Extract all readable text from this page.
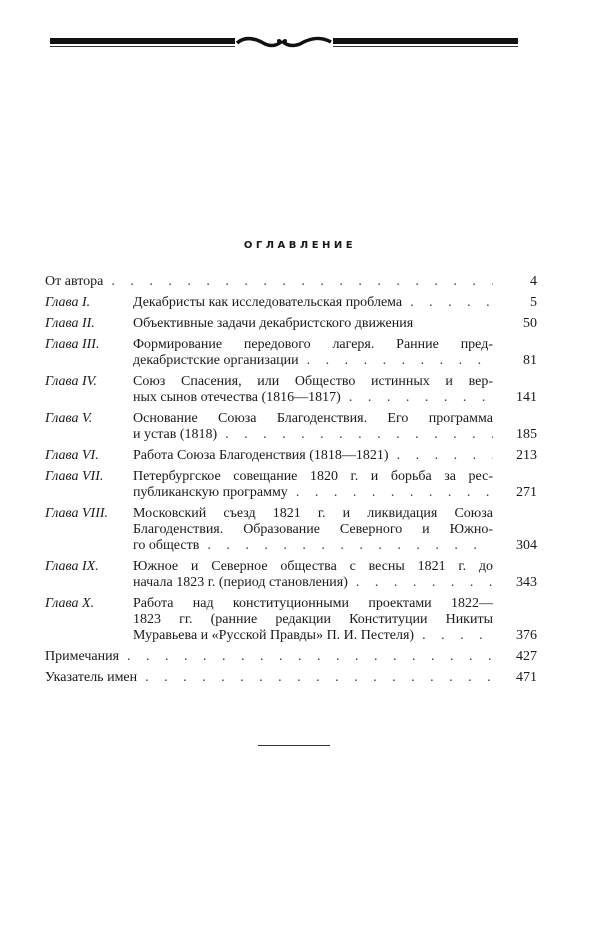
ОГЛАВЛЕНИЕ
От автора . . .	4
Глава I.	Декабристы как исследовательская проблема . . .	5
Глава II.	Объективные задачи декабристского движения	50
Глава III. Формирование передового лагеря. Ранние пред-
декабристские организации . . .	81
Глава IV.	Союз Спасения, или Общество истинных и вер-
ных сынов отечества (1816—1817) . . .	141
Глава V.	Основание Союза Благоденствия. Его программа
и устав (1818) . . .	185
Глава VI. Работа Союза Благоденствия (1818—1821) . . .	213
Глава VII. Петербургское совещание 1820 г. и борьба за рес-
публиканскую программу . . .	271
Глава VIII. Московский съезд 1821 г. и ликвидация Союза
Благоденствия. Образование Северного и Южно-
го обществ . . .	304
Глава IX. Южное и Северное общества с весны 1821 г. до
начала 1823 г. (период становления) . . .	343
Глава X.	Работа над конституционными проектами 1822—
1823 гг. (ранние редакции Конституции Никиты
Муравьева и «Русской Правды» П. И. Пестеля) . . .	376
Примечания . . .	427
Указатель имен . . .	471
